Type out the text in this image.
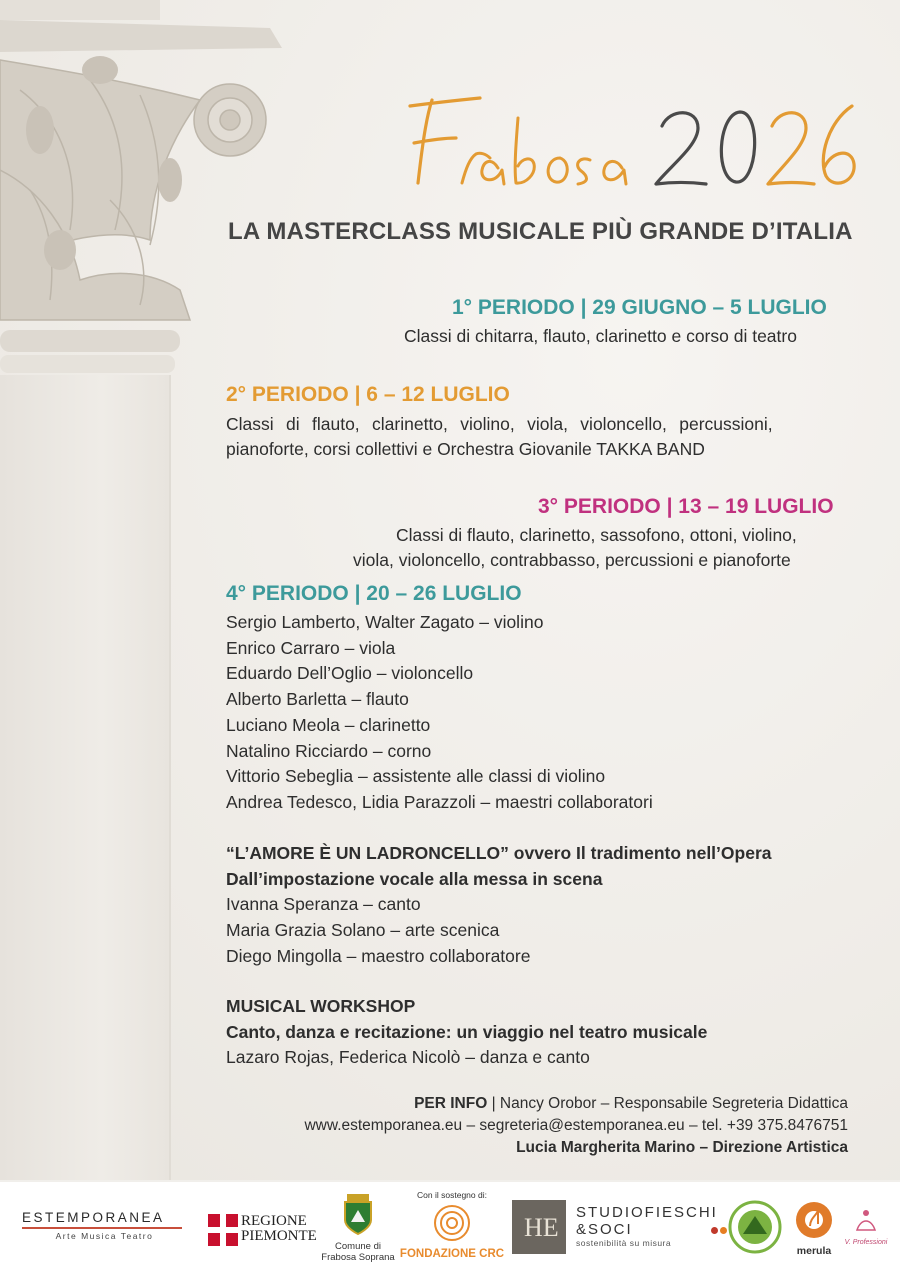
LA MASTERCLASS MUSICALE PIÙ GRANDE D’ITALIA
1° PERIODO | 29 GIUGNO – 5 LUGLIO
Classi di chitarra, flauto, clarinetto e corso di teatro
2° PERIODO | 6 – 12 LUGLIO
Classi di flauto, clarinetto, violino, viola, violoncello, percussioni,
pianoforte, corsi collettivi e Orchestra Giovanile TAKKA BAND
3° PERIODO | 13 – 19 LUGLIO
Classi di flauto, clarinetto, sassofono, ottoni, violino,
viola, violoncello, contrabbasso, percussioni e pianoforte
4° PERIODO | 20 – 26 LUGLIO
Sergio Lamberto, Walter Zagato – violino
Enrico Carraro – viola
Eduardo Dell’Oglio – violoncello
Alberto Barletta – flauto
Luciano Meola – clarinetto
Natalino Ricciardo – corno
Vittorio Sebeglia – assistente alle classi di violino
Andrea Tedesco, Lidia Parazzoli – maestri collaboratori
“L’AMORE È UN LADRONCELLO” ovvero Il tradimento nell’Opera
Dall’impostazione vocale alla messa in scena
Ivanna Speranza – canto
Maria Grazia Solano – arte scenica
Diego Mingolla – maestro collaboratore
MUSICAL WORKSHOP
Canto, danza e recitazione: un viaggio nel teatro musicale
Lazaro Rojas, Federica Nicolò – danza e canto
PER INFO | Nancy Orobor – Responsabile Segreteria Didattica
www.estemporanea.eu – segreteria@estemporanea.eu – tel. +39 375.8476751
Lucia Margherita Marino – Direzione Artistica
ESTEMPORANEA
Arte Musica Teatro
REGIONE
PIEMONTE
Comune di
Frabosa Soprana
Con il sostegno di:
FONDAZIONE CRC
HE
STUDIOFIESCHI
&SOCI
sostenibilità su misura
merula
V. Professioni
